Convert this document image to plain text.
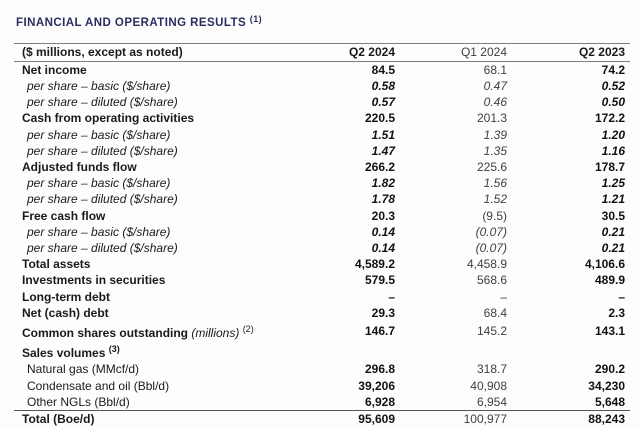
FINANCIAL AND OPERATING RESULTS $^{(1)}$
($ millions, except as noted)	Q2 2024	Q1 2024	Q2 2023
Net income	84.5	68.1	74.2
per share – basic ($/share)	0.58	0.47	0.52
per share – diluted ($/share)	0.57	0.46	0.50
Cash from operating activities	220.5	201.3	172.2
per share – basic ($/share)	1.51	1.39	1.20
per share – diluted ($/share)	1.47	1.35	1.16
Adjusted funds flow	266.2	225.6	178.7
per share – basic ($/share)	1.82	1.56	1.25
per share – diluted ($/share)	1.78	1.52	1.21
Free cash flow	20.3	(9.5)	30.5
per share – basic ($/share)	0.14	(0.07)	0.21
per share – diluted ($/share)	0.14	(0.07)	0.21
Total assets	4,589.2	4,458.9	4,106.6
Investments in securities	579.5	568.6	489.9
Long-term debt	–	–	–
Net (cash) debt	29.3	68.4	2.3
Common shares outstanding (millions) $^{(2)}$	146.7	145.2	143.1
Sales volumes $^{(3)}$			
Natural gas (MMcf/d)	296.8	318.7	290.2
Condensate and oil (Bbl/d)	39,206	40,908	34,230
Other NGLs (Bbl/d)	6,928	6,954	5,648
Total (Boe/d)	95,609	100,977	88,243
